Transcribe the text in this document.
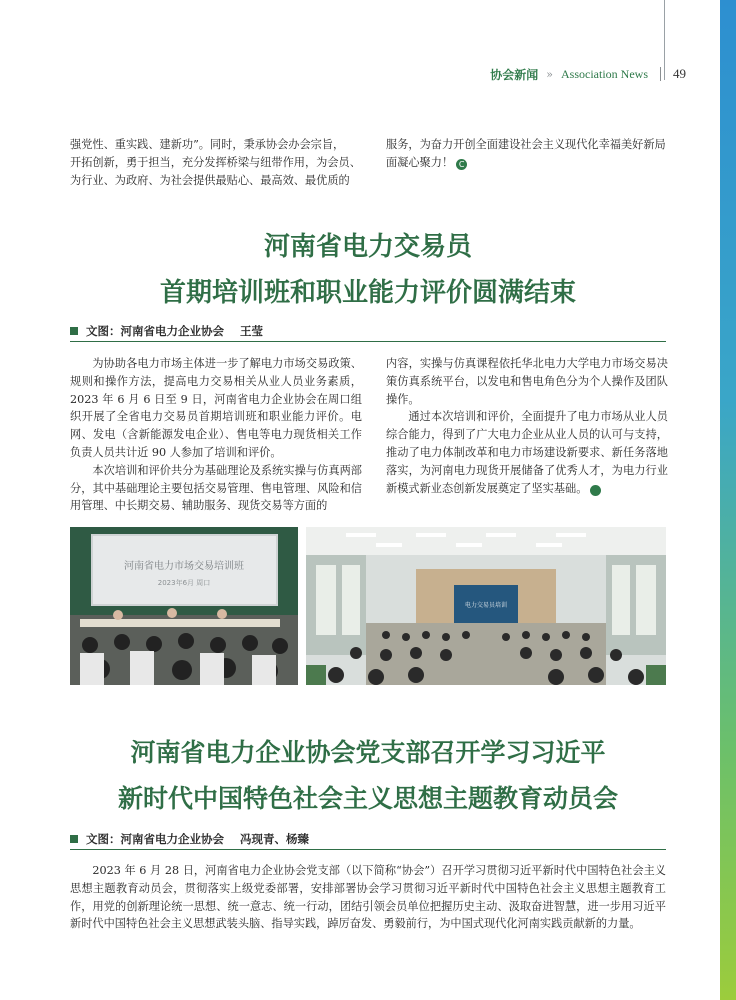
协会新闻 » Association News 49

强党性、重实践、建新功”。同时，秉承协会办会宗旨，

开拓创新，勇于担当，充分发挥桥梁与纽带作用，为会员、

为行业、为政府、为社会提供最贴心、最高效、最优质的

服务，为奋力开创全面建设社会主义现代化幸福美好新局

面凝心聚力！ C

河南省电力交易员
首期培训班和职业能力评价圆满结束
文图：河南省电力企业协会    王莹

为协助各电力市场主体进一步了解电力市场交易政策、规则和操作方法，提高电力交易相关从业人员业务素质，2023 年 6 月 6 日至 9 日，河南省电力企业协会在周口组织开展了全省电力交易员首期培训班和职业能力评价。电网、发电（含新能源发电企业）、售电等电力现货相关工作负责人员共计近 90 人参加了培训和评价。

本次培训和评价共分为基础理论及系统实操与仿真两部分，其中基础理论主要包括交易管理、售电管理、风险和信用管理、中长期交易、辅助服务、现货交易等方面的

内容，实操与仿真课程依托华北电力大学电力市场交易决策仿真系统平台，以发电和售电角色分为个人操作及团队操作。

通过本次培训和评价，全面提升了电力市场从业人员综合能力，得到了广大电力企业从业人员的认可与支持，推动了电力体制改革和电力市场建设新要求、新任务落地落实，为河南电力现货开展储备了优秀人才，为电力行业新模式新业态创新发展奠定了坚实基础。	C

河南省电力市场交易培训班
2023年6月 周口
电力交易员培训
河南省电力企业协会党支部召开学习习近平
新时代中国特色社会主义思想主题教育动员会
文图：河南省电力企业协会    冯现青、杨臻

2023 年 6 月 28 日，河南省电力企业协会党支部（以下简称“协会”）召开学习贯彻习近平新时代中国特色社会主义思想主题教育动员会，贯彻落实上级党委部署，安排部署协会学习贯彻习近平新时代中国特色社会主义思想主题教育工作，用党的创新理论统一思想、统一意志、统一行动，团结引领会员单位把握历史主动、汲取奋进智慧，进一步用习近平新时代中国特色社会主义思想武装头脑、指导实践，踔厉奋发、勇毅前行，为中国式现代化河南实践贡献新的力量。
